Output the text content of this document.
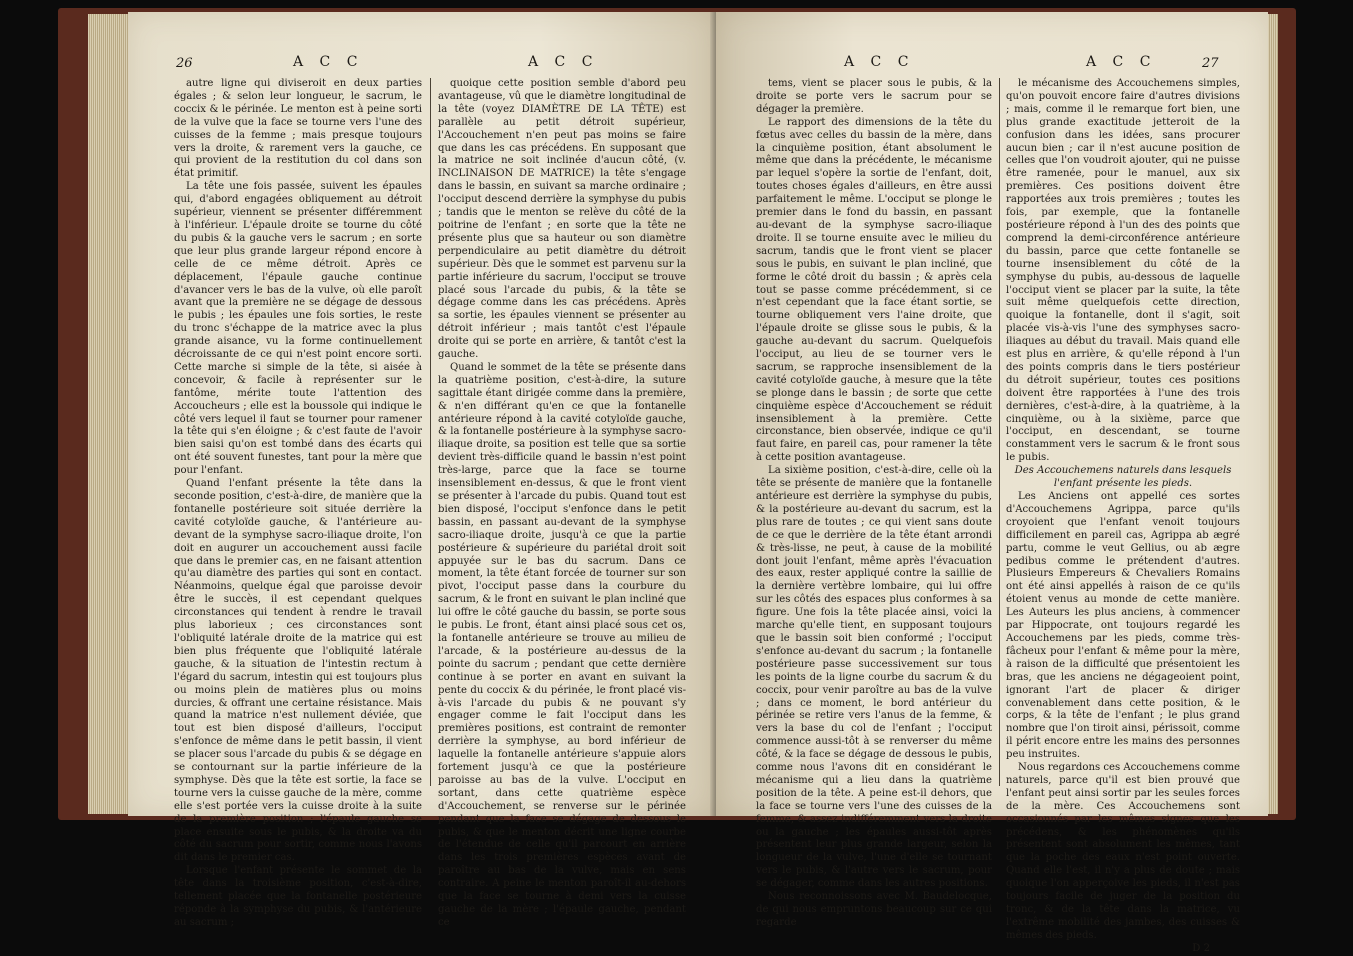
26	A C C	A C C

autre ligne qui diviseroit en deux parties égales ; & selon leur longueur, le sacrum, le coccix & le périnée. Le menton est à peine sorti de la vulve que la face se tourne vers l'une des cuisses de la femme ; mais presque toujours vers la droite, & rarement vers la gauche, ce qui provient de la restitution du col dans son état primitif.

La tête une fois passée, suivent les épaules qui, d'abord engagées obliquement au détroit supérieur, viennent se présenter différemment à l'inférieur. L'épaule droite se tourne du côté du pubis & la gauche vers le sacrum ; en sorte que leur plus grande largeur répond encore à celle de ce même détroit. Après ce déplacement, l'épaule gauche continue d'avancer vers le bas de la vulve, où elle paroît avant que la première ne se dégage de dessous le pubis ; les épaules une fois sorties, le reste du tronc s'échappe de la matrice avec la plus grande aisance, vu la forme continuellement décroissante de ce qui n'est point encore sorti. Cette marche si simple de la tête, si aisée à concevoir, & facile à représenter sur le fantôme, mérite toute l'attention des Accoucheurs ; elle est la boussole qui indique le côté vers lequel il faut se tourner pour ramener la tête qui s'en éloigne ; & c'est faute de l'avoir bien saisi qu'on est tombé dans des écarts qui ont été souvent funestes, tant pour la mère que pour l'enfant.

Quand l'enfant présente la tête dans la seconde position, c'est-à-dire, de manière que la fontanelle postérieure soit située derrière la cavité cotyloïde gauche, & l'antérieure au-devant de la symphyse sacro-iliaque droite, l'on doit en augurer un accouchement aussi facile que dans le premier cas, en ne faisant attention qu'au diamètre des parties qui sont en contact. Néanmoins, quelque égal que paroisse devoir être le succès, il est cependant quelques circonstances qui tendent à rendre le travail plus laborieux ; ces circonstances sont l'obliquité latérale droite de la matrice qui est bien plus fréquente que l'obliquité latérale gauche, & la situation de l'intestin rectum à l'égard du sacrum, intestin qui est toujours plus ou moins plein de matières plus ou moins durcies, & offrant une certaine résistance. Mais quand la matrice n'est nullement déviée, que tout est bien disposé d'ailleurs, l'occiput s'enfonce de même dans le petit bassin, il vient se placer sous l'arcade du pubis & se dégage en se contournant sur la partie inférieure de la symphyse. Dès que la tête est sortie, la face se tourne vers la cuisse gauche de la mère, comme elle s'est portée vers la cuisse droite à la suite de la première position ; l'épaule gauche se place ensuite sous le pubis, & la droite va du côté du sacrum pour sortir, comme nous l'avons dit dans le premier cas.

Lorsque l'enfant présente le sommet de la tête dans la troisième position, c'est-à-dire, tellement placée que la fontanelle postérieure réponde à la symphyse du pubis, & l'antérieure au sacrum ;

quoique cette position semble d'abord peu avantageuse, vû que le diamètre longitudinal de la tête (voyez DIAMÈTRE DE LA TÊTE) est parallèle au petit détroit supérieur, l'Accouchement n'en peut pas moins se faire que dans les cas précédens. En supposant que la matrice ne soit inclinée d'aucun côté, (v. INCLINAISON DE MATRICE) la tête s'engage dans le bassin, en suivant sa marche ordinaire ; l'occiput descend derrière la symphyse du pubis ; tandis que le menton se relève du côté de la poitrine de l'enfant ; en sorte que la tête ne présente plus que sa hauteur ou son diamètre perpendiculaire au petit diamètre du détroit supérieur. Dès que le sommet est parvenu sur la partie inférieure du sacrum, l'occiput se trouve placé sous l'arcade du pubis, & la tête se dégage comme dans les cas précédens. Après sa sortie, les épaules viennent se présenter au détroit inférieur ; mais tantôt c'est l'épaule droite qui se porte en arrière, & tantôt c'est la gauche.

Quand le sommet de la tête se présente dans la quatrième position, c'est-à-dire, la suture sagittale étant dirigée comme dans la première, & n'en différant qu'en ce que la fontanelle antérieure répond à la cavité cotyloïde gauche, & la fontanelle postérieure à la symphyse sacro-iliaque droite, sa position est telle que sa sortie devient très-difficile quand le bassin n'est point très-large, parce que la face se tourne insensiblement en-dessus, & que le front vient se présenter à l'arcade du pubis. Quand tout est bien disposé, l'occiput s'enfonce dans le petit bassin, en passant au-devant de la symphyse sacro-iliaque droite, jusqu'à ce que la partie postérieure & supérieure du pariétal droit soit appuyée sur le bas du sacrum. Dans ce moment, la tête étant forcée de tourner sur son pivot, l'occiput passe dans la courbure du sacrum, & le front en suivant le plan incliné que lui offre le côté gauche du bassin, se porte sous le pubis. Le front, étant ainsi placé sous cet os, la fontanelle antérieure se trouve au milieu de l'arcade, & la postérieure au-dessus de la pointe du sacrum ; pendant que cette dernière continue à se porter en avant en suivant la pente du coccix & du périnée, le front placé vis-à-vis l'arcade du pubis & ne pouvant s'y engager comme le fait l'occiput dans les premières positions, est contraint de remonter derrière la symphyse, au bord inférieur de laquelle la fontanelle antérieure s'appuie alors fortement jusqu'à ce que la postérieure paroisse au bas de la vulve. L'occiput en sortant, dans cette quatrième espèce d'Accouchement, se renverse sur le périnée pendant que la face se dégage de dessous le pubis, & que le menton décrit une ligne courbe de l'étendue de celle qu'il parcourt en arrière dans les trois premières espèces avant de paroître au bas de la vulve, mais en sens contraire. A peine le menton paroît-il au-dehors que la face se tourne à demi vers la cuisse gauche de la mère ; l'épaule gauche, pendant ce

A C C	A C C	27

tems, vient se placer sous le pubis, & la droite se porte vers le sacrum pour se dégager la première.

Le rapport des dimensions de la tête du fœtus avec celles du bassin de la mère, dans la cinquième position, étant absolument le même que dans la précédente, le mécanisme par lequel s'opère la sortie de l'enfant, doit, toutes choses égales d'ailleurs, en être aussi parfaitement le même. L'occiput se plonge le premier dans le fond du bassin, en passant au-devant de la symphyse sacro-iliaque droite. Il se tourne ensuite avec le milieu du sacrum, tandis que le front vient se placer sous le pubis, en suivant le plan incliné, que forme le côté droit du bassin ; & après cela tout se passe comme précédemment, si ce n'est cependant que la face étant sortie, se tourne obliquement vers l'aine droite, que l'épaule droite se glisse sous le pubis, & la gauche au-devant du sacrum. Quelquefois l'occiput, au lieu de se tourner vers le sacrum, se rapproche insensiblement de la cavité cotyloïde gauche, à mesure que la tête se plonge dans le bassin ; de sorte que cette cinquième espèce d'Accouchement se réduit insensiblement à la première. Cette circonstance, bien observée, indique ce qu'il faut faire, en pareil cas, pour ramener la tête à cette position avantageuse.

La sixième position, c'est-à-dire, celle où la tête se présente de manière que la fontanelle antérieure est derrière la symphyse du pubis, & la postérieure au-devant du sacrum, est la plus rare de toutes ; ce qui vient sans doute de ce que le derrière de la tête étant arrondi & très-lisse, ne peut, à cause de la mobilité dont jouit l'enfant, même après l'évacuation des eaux, rester appliqué contre la saillie de la dernière vertèbre lombaire, qui lui offre sur les côtés des espaces plus conformes à sa figure. Une fois la tête placée ainsi, voici la marche qu'elle tient, en supposant toujours que le bassin soit bien conformé ; l'occiput s'enfonce au-devant du sacrum ; la fontanelle postérieure passe successivement sur tous les points de la ligne courbe du sacrum & du coccix, pour venir paroître au bas de la vulve ; dans ce moment, le bord antérieur du périnée se retire vers l'anus de la femme, & vers la base du col de l'enfant ; l'occiput commence aussi-tôt à se renverser du même côté, & la face se dégage de dessous le pubis, comme nous l'avons dit en considérant le mécanisme qui a lieu dans la quatrième position de la tête. A peine est-il dehors, que la face se tourne vers l'une des cuisses de la femme, & assez indifféremment vers la droite ou la gauche ; les épaules aussi-tôt après présentent leur plus grande largeur, selon la longueur de la vulve, l'une d'elle se tournant vers le pubis, & l'autre vers le sacrum, pour se dégager, comme dans les autres positions.

Nous reconnoissons avec M. Baudelocque, de qui nous empruntons beaucoup sur ce qui regarde

le mécanisme des Accouchemens simples, qu'on pouvoit encore faire d'autres divisions ; mais, comme il le remarque fort bien, une plus grande exactitude jetteroit de la confusion dans les idées, sans procurer aucun bien ; car il n'est aucune position de celles que l'on voudroit ajouter, qui ne puisse être ramenée, pour le manuel, aux six premières. Ces positions doivent être rapportées aux trois premières ; toutes les fois, par exemple, que la fontanelle postérieure répond à l'un des des points que comprend la demi-circonférence antérieure du bassin, parce que cette fontanelle se tourne insensiblement du côté de la symphyse du pubis, au-dessous de laquelle l'occiput vient se placer par la suite, la tête suit même quelquefois cette direction, quoique la fontanelle, dont il s'agit, soit placée vis-à-vis l'une des symphyses sacro-iliaques au début du travail. Mais quand elle est plus en arrière, & qu'elle répond à l'un des points compris dans le tiers postérieur du détroit supérieur, toutes ces positions doivent être rapportées à l'une des trois dernières, c'est-à-dire, à la quatrième, à la cinquième, ou à la sixième, parce que l'occiput, en descendant, se tourne constamment vers le sacrum & le front sous le pubis.

Des Accouchemens naturels dans lesquels l'enfant présente les pieds.

Les Anciens ont appellé ces sortes d'Accouchemens Agrippa, parce qu'ils croyoient que l'enfant venoit toujours difficilement en pareil cas, Agrippa ab ægré partu, comme le veut Gellius, ou ab ægre pedibus comme le prétendent d'autres. Plusieurs Empereurs & Chevaliers Romains ont été ainsi appellés à raison de ce qu'ils étoient venus au monde de cette manière. Les Auteurs les plus anciens, à commencer par Hippocrate, ont toujours regardé les Accouchemens par les pieds, comme très-fâcheux pour l'enfant & même pour la mère, à raison de la difficulté que présentoient les bras, que les anciens ne dégageoient point, ignorant l'art de placer & diriger convenablement dans cette position, & le corps, & la tête de l'enfant ; le plus grand nombre que l'on tiroit ainsi, périssoit, comme il périt encore entre les mains des personnes peu instruites.

Nous regardons ces Accouchemens comme naturels, parce qu'il est bien prouvé que l'enfant peut ainsi sortir par les seules forces de la mère. Ces Accouchemens sont occasionnés par les mêmes signes que les précédens, & les phénomènes qu'ils présentent sont absolument les mêmes, tant que la poche des eaux n'est point ouverte. Quand elle l'est, il n'y a plus de doute ; mais quoique l'on apperçoive les pieds, il n'est pas toujours facile de juger de la position du tronc, & de la tête dans la matrice, vu l'extrême mobilité des jambes, des cuisses & mêmes des pieds.

D 2
